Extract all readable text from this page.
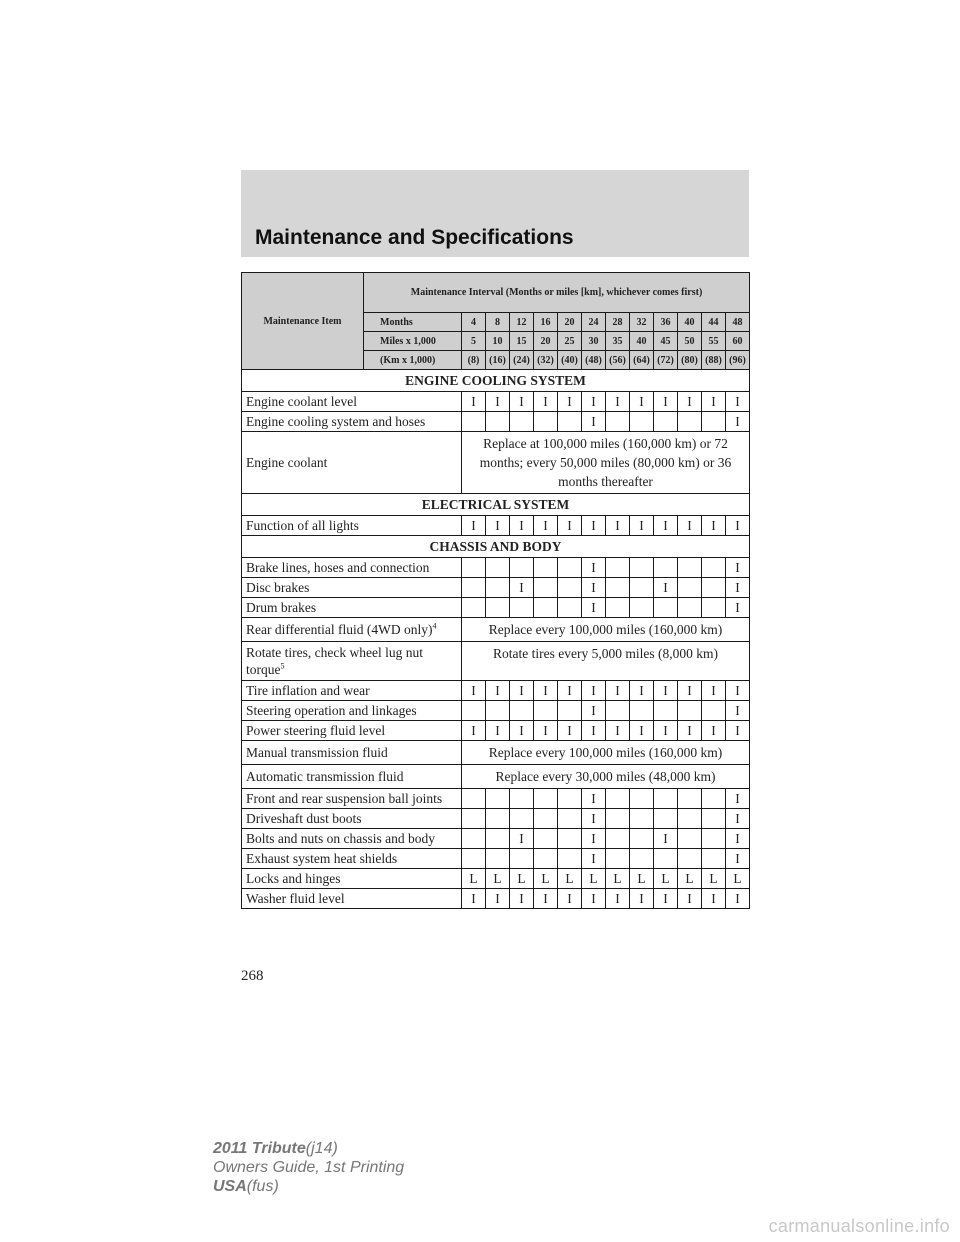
Maintenance and Specifications
Maintenance Item	Maintenance Interval (Months or miles [km], whichever comes first)												
	Months	4	8	12	16	20	24	28	32	36	40	44	48
	Miles x 1,000	5	10	15	20	25	30	35	40	45	50	55	60
	(Km x 1,000)	(8)	(16)	(24)	(32)	(40)	(48)	(56)	(64)	(72)	(80)	(88)	(96)
ENGINE COOLING SYSTEM													
Engine coolant level		I	I	I	I	I	I	I	I	I	I	I	I
Engine cooling system and hoses							I						I
Engine coolant		Replace at 100,000 miles (160,000 km) or 72 months; every 50,000 miles (80,000 km) or 36 months thereafter											
ELECTRICAL SYSTEM													
Function of all lights		I	I	I	I	I	I	I	I	I	I	I	I
CHASSIS AND BODY													
Brake lines, hoses and connection							I						I
Disc brakes				I			I			I			I
Drum brakes							I						I
Rear differential fluid (4WD only)$^4$		Replace every 100,000 miles (160,000 km)											
Rotate tires, check wheel lug nut torque$^5$		Rotate tires every 5,000 miles (8,000 km)											
Tire inflation and wear		I	I	I	I	I	I	I	I	I	I	I	I
Steering operation and linkages							I						I
Power steering fluid level		I	I	I	I	I	I	I	I	I	I	I	I
Manual transmission fluid		Replace every 100,000 miles (160,000 km)											
Automatic transmission fluid		Replace every 30,000 miles (48,000 km)											
Front and rear suspension ball joints							I						I
Driveshaft dust boots							I						I
Bolts and nuts on chassis and body				I			I			I			I
Exhaust system heat shields							I						I
Locks and hinges		L	L	L	L	L	L	L	L	L	L	L	L
Washer fluid level		I	I	I	I	I	I	I	I	I	I	I	I
268
2011 Tribute(j14)
Owners Guide, 1st Printing
USA(fus)
carmanualsonline.info
